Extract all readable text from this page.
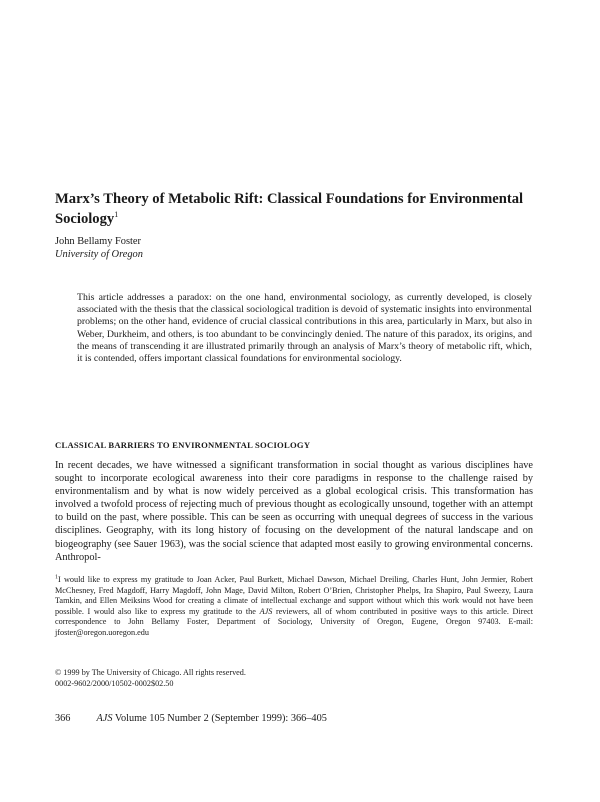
Marx’s Theory of Metabolic Rift: Classical Foundations for Environmental Sociology$^1$

John Bellamy Foster

University of Oregon

This article addresses a paradox: on the one hand, environmental sociology, as currently developed, is closely associated with the thesis that the classical sociological tradition is devoid of systematic insights into environmental problems; on the other hand, evidence of crucial classical contributions in this area, particularly in Marx, but also in Weber, Durkheim, and others, is too abundant to be convincingly denied. The nature of this paradox, its origins, and the means of transcending it are illustrated primarily through an analysis of Marx’s theory of metabolic rift, which, it is contended, offers important classical foundations for environmental sociology.

CLASSICAL BARRIERS TO ENVIRONMENTAL SOCIOLOGY

In recent decades, we have witnessed a significant transformation in social thought as various disciplines have sought to incorporate ecological awareness into their core paradigms in response to the challenge raised by environmentalism and by what is now widely perceived as a global ecological crisis. This transformation has involved a twofold process of rejecting much of previous thought as ecologically unsound, together with an attempt to build on the past, where possible. This can be seen as occurring with unequal degrees of success in the various disciplines. Geography, with its long history of focusing on the development of the natural landscape and on biogeography (see Sauer 1963), was the social science that adapted most easily to growing environmental concerns. Anthropol-

$^1$I would like to express my gratitude to Joan Acker, Paul Burkett, Michael Dawson, Michael Dreiling, Charles Hunt, John Jermier, Robert McChesney, Fred Magdoff, Harry Magdoff, John Mage, David Milton, Robert O’Brien, Christopher Phelps, Ira Shapiro, Paul Sweezy, Laura Tamkin, and Ellen Meiksins Wood for creating a climate of intellectual exchange and support without which this work would not have been possible. I would also like to express my gratitude to the AJS reviewers, all of whom contributed in positive ways to this article. Direct correspondence to John Bellamy Foster, Department of Sociology, University of Oregon, Eugene, Oregon 97403. E-mail: jfoster@oregon.uoregon.edu

© 1999 by The University of Chicago. All rights reserved.

0002-9602/2000/10502-0002$02.50

366	AJS Volume 105 Number 2 (September 1999): 366–405
